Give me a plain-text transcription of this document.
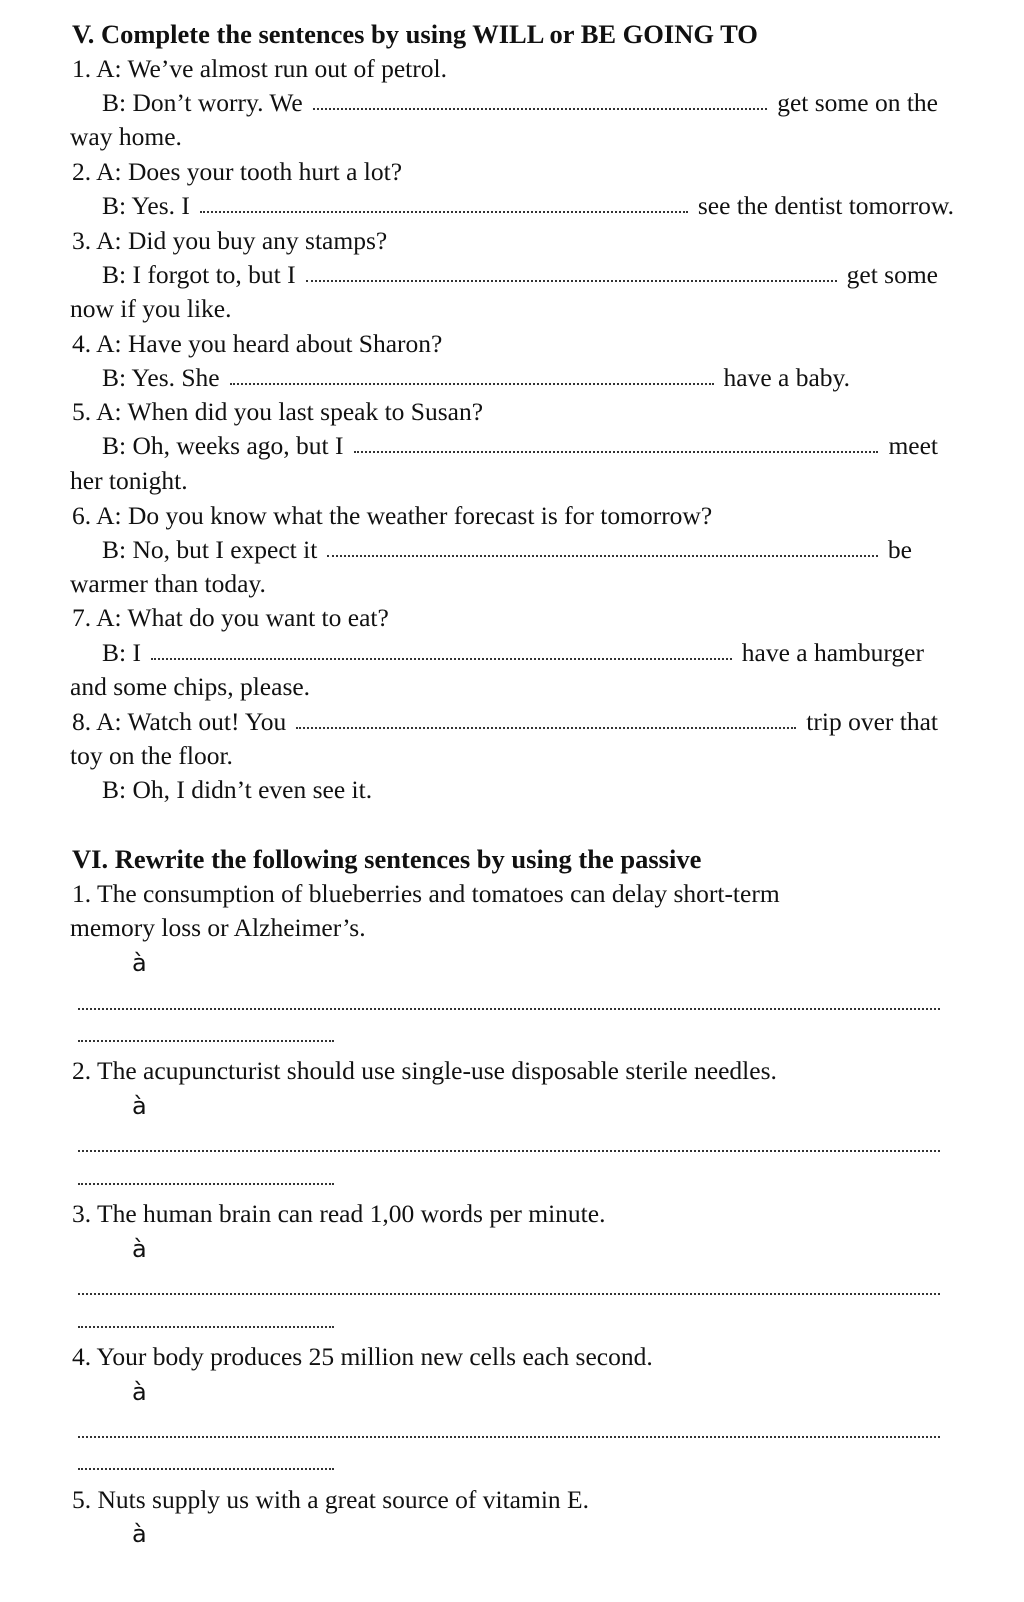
V. Complete the sentences by using WILL or BE GOING TO
1. A: We’ve almost run out of petrol.
B: Don’t worry. We	get some on the
way home.
2. A: Does your tooth hurt a lot?
B: Yes. I	see the dentist tomorrow.
3. A: Did you buy any stamps?
B: I forgot to, but I	get some
now if you like.
4. A: Have you heard about Sharon?
B: Yes. She	have a baby.
5. A: When did you last speak to Susan?
B: Oh, weeks ago, but I	meet
her tonight.
6. A: Do you know what the weather forecast is for tomorrow?
B: No, but I expect it	be
warmer than today.
7. A: What do you want to eat?
B: I	have a hamburger
and some chips, please.
8. A: Watch out! You	trip over that
toy on the floor.
B: Oh, I didn’t even see it.
VI. Rewrite the following sentences by using the passive
1. The consumption of blueberries and tomatoes can delay short-term
memory loss or Alzheimer’s.
à
2. The acupuncturist should use single-use disposable sterile needles.
à
3. The human brain can read 1,00 words per minute.
à
4. Your body produces 25 million new cells each second.
à
5. Nuts supply us with a great source of vitamin E.
à
